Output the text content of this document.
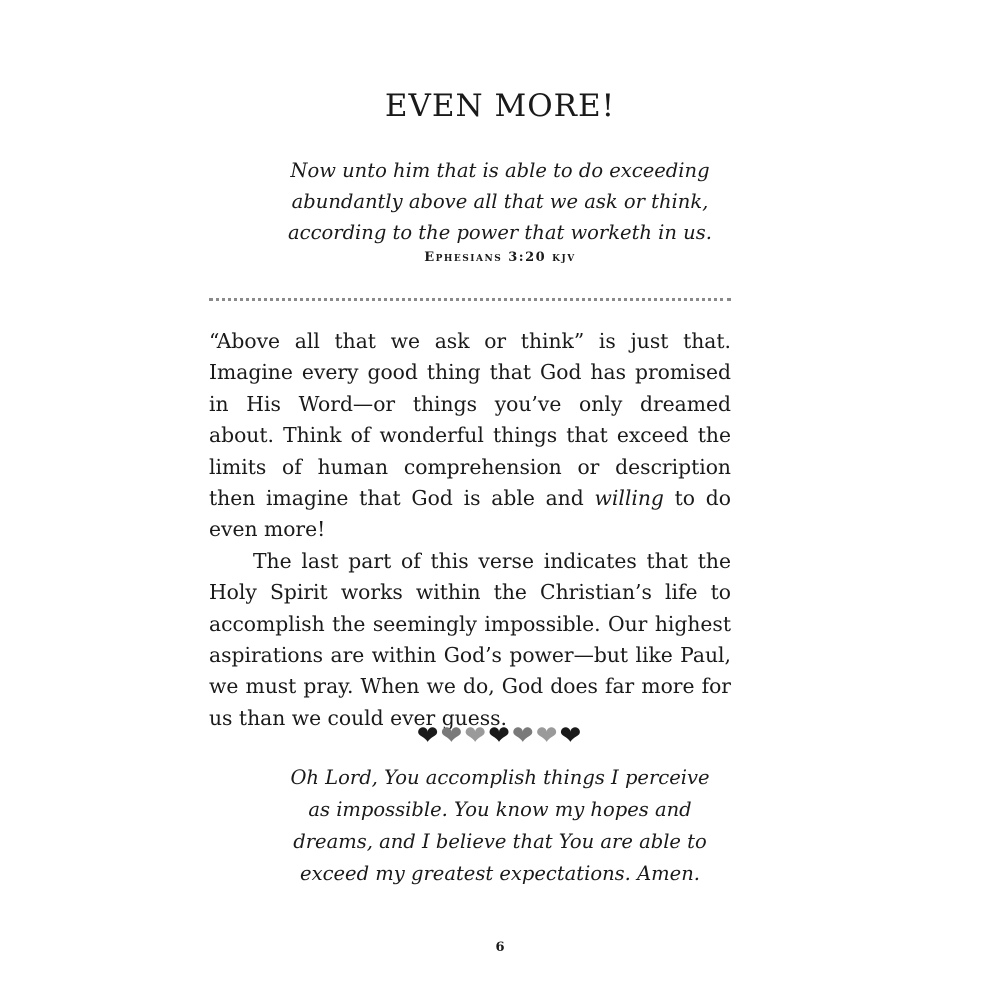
EVEN MORE!
Now unto him that is able to do exceeding
abundantly above all that we ask or think,
according to the power that worketh in us.
Ephesians 3:20 kjv

“Above all that we ask or think” is just that. Imagine every good thing that God has promised in His Word—or things you’ve only dreamed about. Think of wonderful things that exceed the limits of human comprehension or description then imagine that God is able and willing to do even more!

The last part of this verse indicates that the Holy Spirit works within the Christian’s life to accomplish the seemingly impossible. Our highest aspirations are within God’s power—but like Paul, we must pray. When we do, God does far more for us than we could ever guess.

❤❤❤❤❤❤❤
Oh Lord, You accomplish things I perceive
as impossible. You know my hopes and
dreams, and I believe that You are able to
exceed my greatest expectations. Amen.
6
